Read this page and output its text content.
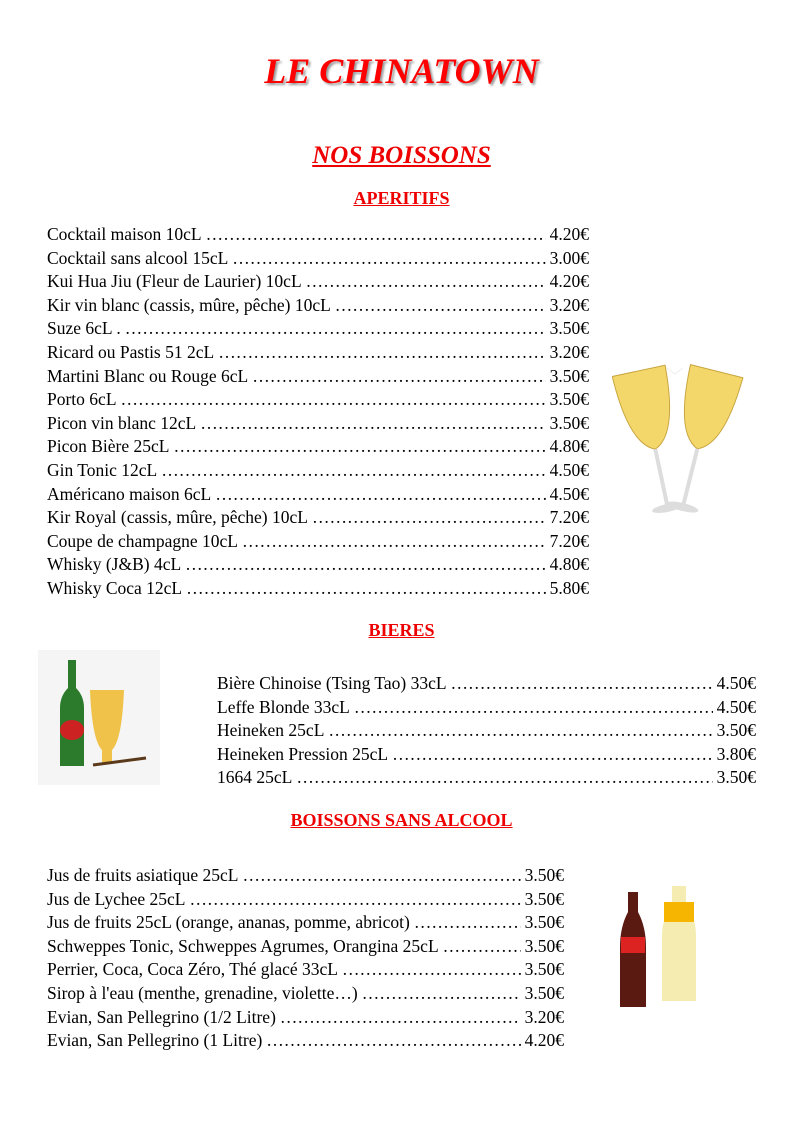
LE CHINATOWN
NOS BOISSONS
APERITIFS
Cocktail maison 10cL ……………………………………………………………………………………………………………………	4.20€
Cocktail sans alcool 15cL ……………………………………………………………………………………………………………………	3.00€
Kui Hua Jiu (Fleur de Laurier) 10cL ……………………………………………………………………………………………………………………	4.20€
Kir vin blanc (cassis, mûre, pêche) 10cL ……………………………………………………………………………………………………………………	3.20€
Suze 6cL . ……………………………………………………………………………………………………………………	3.50€
Ricard ou Pastis 51 2cL ……………………………………………………………………………………………………………………	3.20€
Martini Blanc ou Rouge 6cL ……………………………………………………………………………………………………………………	3.50€
Porto 6cL ……………………………………………………………………………………………………………………	3.50€
Picon vin blanc 12cL ……………………………………………………………………………………………………………………	3.50€
Picon Bière 25cL ……………………………………………………………………………………………………………………	4.80€
Gin Tonic 12cL ……………………………………………………………………………………………………………………	4.50€
Américano maison 6cL ……………………………………………………………………………………………………………………	4.50€
Kir Royal (cassis, mûre, pêche) 10cL ……………………………………………………………………………………………………………………	7.20€
Coupe de champagne 10cL ……………………………………………………………………………………………………………………	7.20€
Whisky (J&B) 4cL ……………………………………………………………………………………………………………………	4.80€
Whisky Coca 12cL ……………………………………………………………………………………………………………………	5.80€
BIERES
Bière Chinoise (Tsing Tao) 33cL ……………………………………………………………………………………………………………………	4.50€
Leffe Blonde 33cL ……………………………………………………………………………………………………………………	4.50€
Heineken 25cL ……………………………………………………………………………………………………………………	3.50€
Heineken Pression 25cL ……………………………………………………………………………………………………………………	3.80€
1664 25cL ……………………………………………………………………………………………………………………	3.50€
BOISSONS SANS ALCOOL
Jus de fruits asiatique 25cL ……………………………………………………………………………………………………………………	3.50€
Jus de Lychee 25cL ……………………………………………………………………………………………………………………	3.50€
Jus de fruits 25cL (orange, ananas, pomme, abricot) ……………………………………………………………………………………………………………………	3.50€
Schweppes Tonic, Schweppes Agrumes, Orangina 25cL ……………………………………………………………………………………………………………………	3.50€
Perrier, Coca, Coca Zéro, Thé glacé 33cL ……………………………………………………………………………………………………………………	3.50€
Sirop à l'eau (menthe, grenadine, violette…) ……………………………………………………………………………………………………………………	3.50€
Evian, San Pellegrino (1/2 Litre) ……………………………………………………………………………………………………………………	3.20€
Evian, San Pellegrino (1 Litre) ……………………………………………………………………………………………………………………	4.20€
